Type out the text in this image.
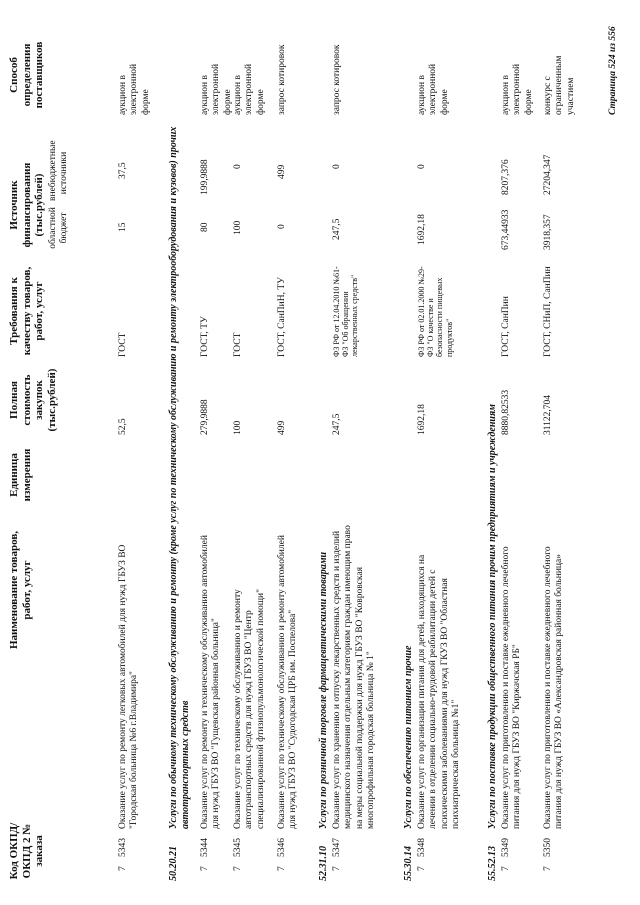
Код ОКПД/ ОКПД 2 № заказа
Наименование товаров, работ, услуг
Единица измерения
Полная стоимость закупок (тыс.рублей)
Требования к качеству товаров, работ, услуг
Источник финансирования (тыс.рублей) областной бюджет
внебюджетные источники
Способ определения поставщиков
7
5343
Оказание услуг по ремонту легковых автомобилей для нужд ГБУЗ ВО "Городская больница №6 г.Владимира"
52,5
ГОСТ
15
37,5
аукцион в электронной форме
50.20.21
Услуги по обычному техническому обслуживанию и ремонту (кроме услуг по техническому обслуживанию и ремонту электрооборудования и кузовов) прочих автотранспортных средств
7
5344
Оказание услуг по ремонту и техническому обслуживанию автомобилей для нужд ГБУЗ ВО "Гущевская районная больница"
279,9888
ГОСТ, ТУ
80
199,9888
аукцион в электронной форме
7
5345
Оказание услуг по техническому обслуживанию и ремонту автотранспортных средств для нужд ГБУЗ ВО "Центр специализированной фтизиопульмонологической помощи"
100
ГОСТ
100
0
аукцион в электронной форме
7
5346
Оказание услуг по техническому обслуживанию и ремонту автомобилей для нужд ГБУЗ ВО "Судогодская ЦРБ им. Поспелова"
499
ГОСТ, СанПиН, ТУ
0
499
запрос котировок
52.31.10
Услуги по розничной торговле фармацевтическими товарами
7
5347
Оказание услуг по хранению и отпуску лекарственных средств и изделий медицинского назначения отдельным категориям граждан имеющим право на меры социальной поддержки для нужд ГБУЗ ВО "Ковровская многопрофильная городская больница № 1"
247,5
ФЗ РФ от 12.04.2010 №61-ФЗ "Об обращении лекарственных средств"
247,5
0
запрос котировок
55.30.14
Услуги по обеспечению питанием прочие
7
5348
Оказание услуг по организации питания для детей, находящихся на лечении в отделении социально-трудовой реабилитации детей с психическими заболеваниями для нужд ГКУЗ ВО "Областная психиатрическая больница №1"
1692,18
ФЗ РФ от 02.01.2000 №29-ФЗ "О качестве и безопасности пищевых продуктов"
1692,18
0
аукцион в электронной форме
55.52.13
Услуги по поставке продукции общественного питания прочим предприятиям и учреждениям
7
5349
Оказание услуг по приготовлению и поставке ежедневного лечебного питания для нужд ГБУЗ ВО "Киржачская РБ"
8880,82533
ГОСТ, СанПин
673,44933
8207,376
аукцион в электронной форме
7
5350
Оказание услуг по приготовлению и поставке ежедневного лечебного питания для нужд ГБУЗ ВО «Александровская районная больница»
31122,704
ГОСТ, СНиП, СанПин
3918,357
27204,347
конкурс с ограниченным участием	Страница 524 из 556
